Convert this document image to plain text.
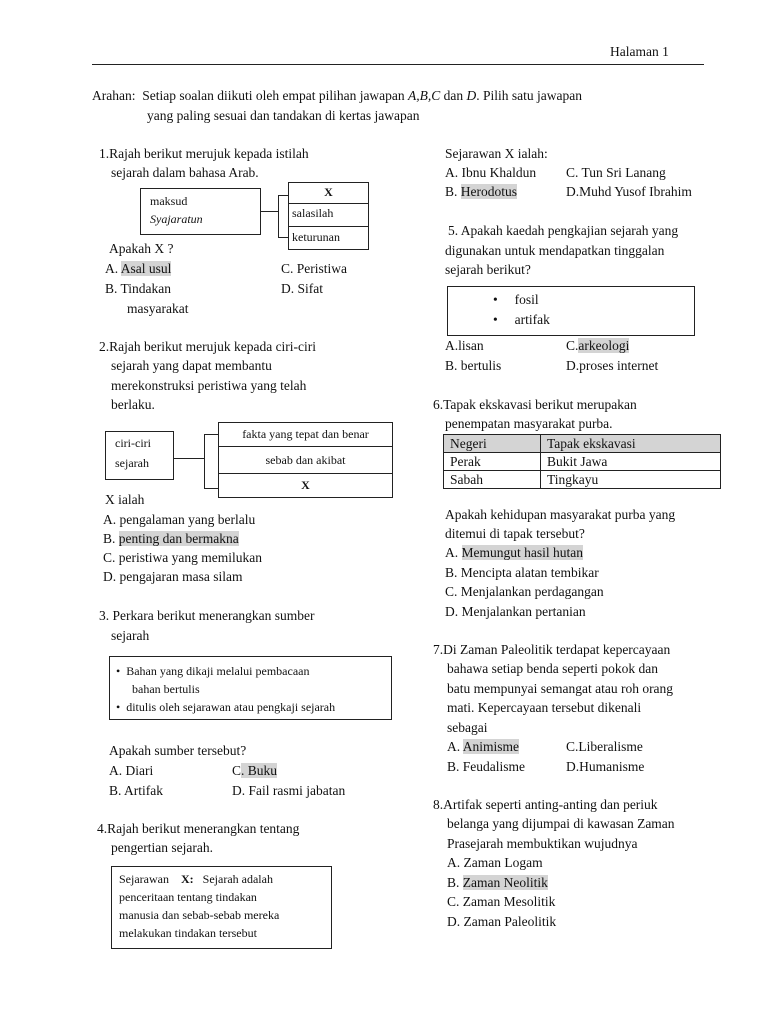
Halaman 1
Arahan: Setiap soalan diikuti oleh empat pilihan jawapan A,B,C dan D. Pilih satu jawapan
yang paling sesuai dan tandakan di kertas jawapan
1.Rajah berikut merujuk kepada istilah
sejarah dalam bahasa Arab.
maksud
Syajaratun
X
salasilah
keturunan
Apakah X ?
A. Asal usul	C. Peristiwa
B. Tindakan	D. Sifat
masyarakat
2.Rajah berikut merujuk kepada ciri-ciri
sejarah yang dapat membantu
merekonstruksi peristiwa yang telah
berlaku.
ciri-ciri
sejarah
fakta yang tepat dan benar
sebab dan akibat
X
X ialah
A. pengalaman yang berlalu
B. penting dan bermakna
C. peristiwa yang memilukan
D. pengajaran masa silam
3. Perkara berikut menerangkan sumber
sejarah
•  Bahan yang dikaji melalui pembacaan
bahan bertulis
•  ditulis oleh sejarawan atau pengkaji sejarah
Apakah sumber tersebut?
A. Diari	C. Buku
B. Artifak	D. Fail rasmi jabatan
4.Rajah berikut menerangkan tentang
pengertian sejarah.
Sejarawan X: Sejarah adalah
penceritaan tentang tindakan
manusia dan sebab-sebab mereka
melakukan tindakan tersebut
Sejarawan X ialah:
A. Ibnu Khaldun C. Tun Sri Lanang
B. Herodotus	D.Muhd Yusof Ibrahim
5. Apakah kaedah pengkajian sejarah yang
digunakan untuk mendapatkan tinggalan
sejarah berikut?
•     fosil
•     artifak
A.lisan	C.arkeologi
B. bertulis	D.proses internet
6.Tapak ekskavasi berikut merupakan
penempatan masyarakat purba.
Negeri	Tapak ekskavasi
Perak	Bukit Jawa
Sabah	Tingkayu
Apakah kehidupan masyarakat purba yang
ditemui di tapak tersebut?
A. Memungut hasil hutan
B. Mencipta alatan tembikar
C. Menjalankan perdagangan
D. Menjalankan pertanian
7.Di Zaman Paleolitik terdapat kepercayaan
bahawa setiap benda seperti pokok dan
batu mempunyai semangat atau roh orang
mati. Kepercayaan tersebut dikenali
sebagai
A. Animisme	C.Liberalisme
B. Feudalisme	D.Humanisme
8.Artifak seperti anting-anting dan periuk
belanga yang dijumpai di kawasan Zaman
Prasejarah membuktikan wujudnya
A. Zaman Logam
B. Zaman Neolitik
C. Zaman Mesolitik
D. Zaman Paleolitik
